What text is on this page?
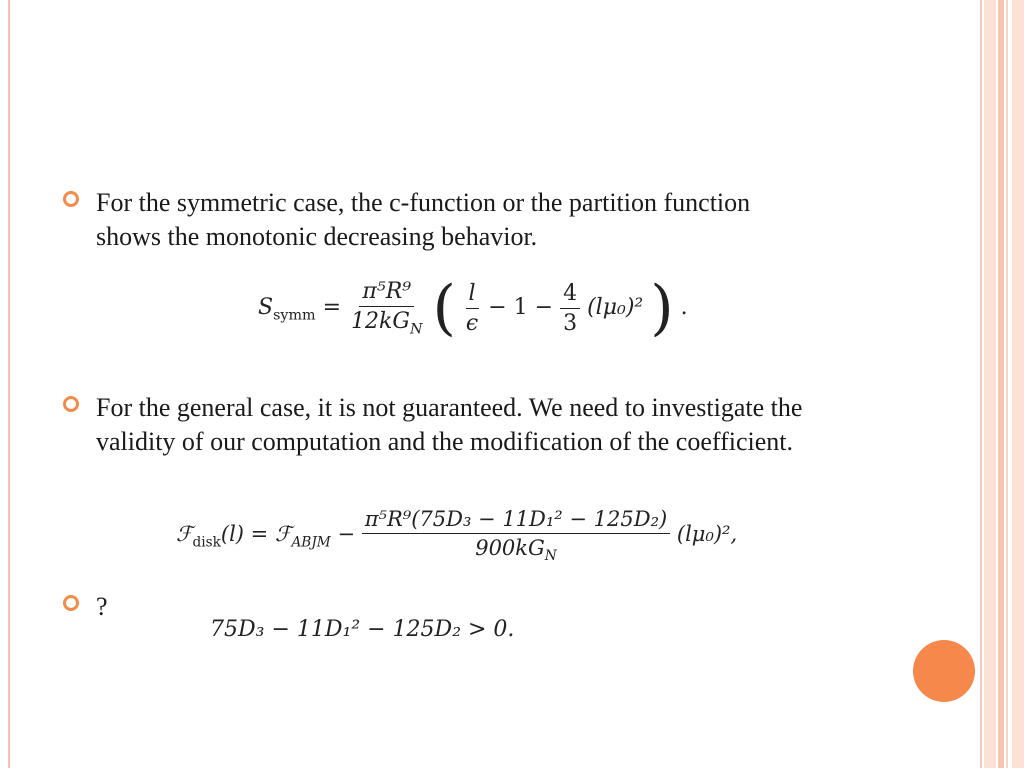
For the symmetric case, the c-function or the partition function shows the monotonic decreasing behavior.
$S_{symm} = \frac{\text{π⁵R⁹}}{12kG_N}$ ( $\frac{l}{\epsilon} - 1 - \frac{4}{3} (l\mu_0)^2$ ) .
For the general case, it is not guaranteed. We need to investigate the validity of our computation and the modification of the coefficient.
ℱ$_{disk}$(l) = ℱ$_{ABJM}$ − $\frac{\text{π⁵R⁹(75D₃ − 11D₁² − 125D₂)}}{900kG_N} (l\mu_0)^2$,
?
75D₃ − 11D₁² − 125D₂ > 0.
